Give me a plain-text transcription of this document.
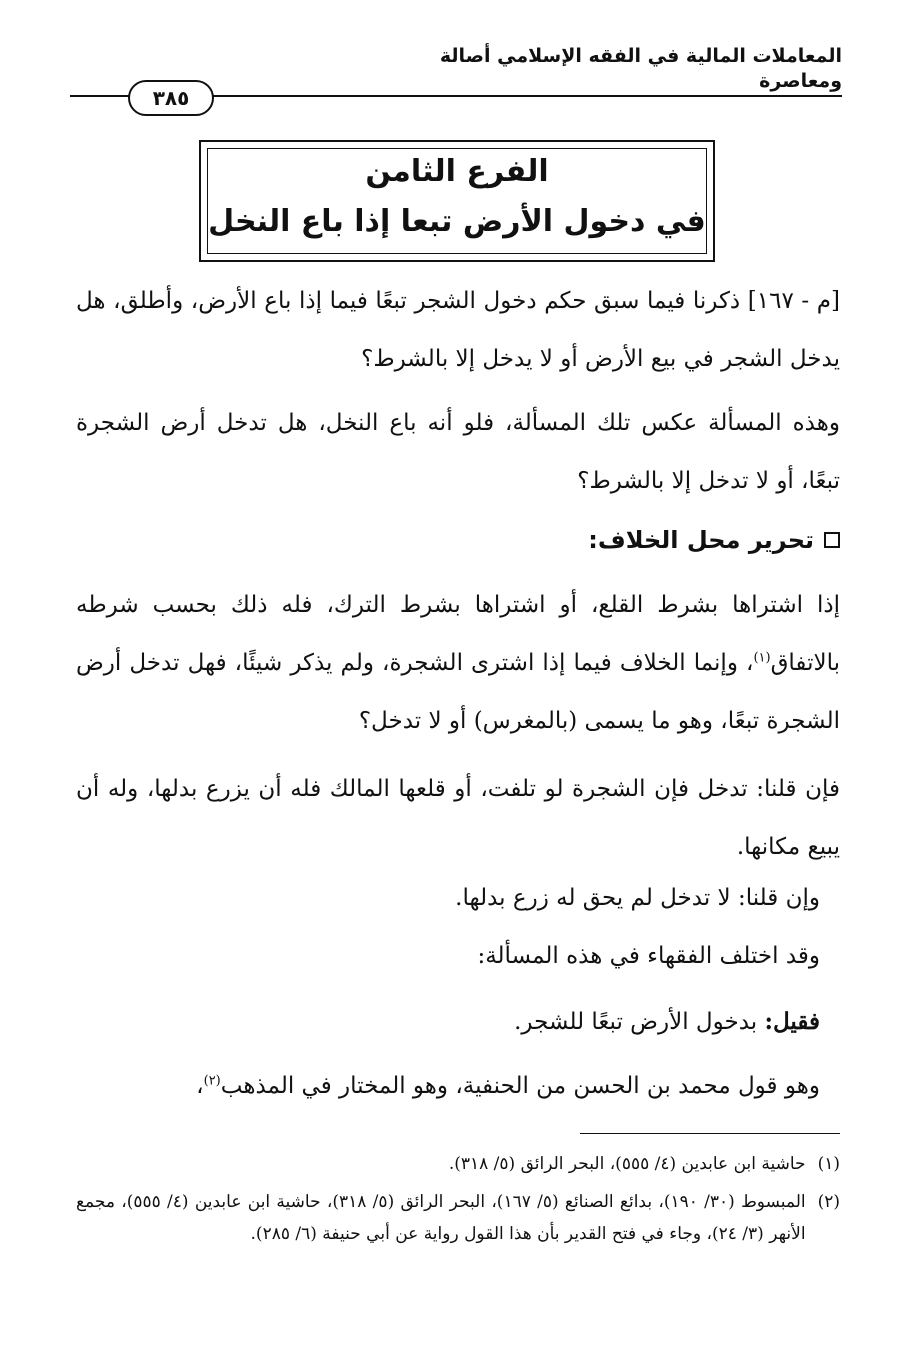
المعاملات المالية في الفقه الإسلامي أصالة ومعاصرة
٣٨٥
الفرع الثامن
في دخول الأرض تبعا إذا باع النخل
[م - ١٦٧] ذكرنا فيما سبق حكم دخول الشجر تبعًا فيما إذا باع الأرض، وأطلق، هل يدخل الشجر في بيع الأرض أو لا يدخل إلا بالشرط؟
وهذه المسألة عكس تلك المسألة، فلو أنه باع النخل، هل تدخل أرض الشجرة تبعًا، أو لا تدخل إلا بالشرط؟
تحرير محل الخلاف:
إذا اشتراها بشرط القلع، أو اشتراها بشرط الترك، فله ذلك بحسب شرطه بالاتفاق$^{(١)}$، وإنما الخلاف فيما إذا اشترى الشجرة، ولم يذكر شيئًا، فهل تدخل أرض الشجرة تبعًا، وهو ما يسمى (بالمغرس) أو لا تدخل؟
فإن قلنا: تدخل فإن الشجرة لو تلفت، أو قلعها المالك فله أن يزرع بدلها، وله أن يبيع مكانها.
وإن قلنا: لا تدخل لم يحق له زرع بدلها.
وقد اختلف الفقهاء في هذه المسألة:
فقيل: بدخول الأرض تبعًا للشجر.
وهو قول محمد بن الحسن من الحنفية، وهو المختار في المذهب$^{(٢)}$،
(١)
حاشية ابن عابدين (٤/ ٥٥٥)، البحر الرائق (٥/ ٣١٨).
(٢)
المبسوط (٣٠/ ١٩٠)، بدائع الصنائع (٥/ ١٦٧)، البحر الرائق (٥/ ٣١٨)، حاشية ابن عابدين (٤/ ٥٥٥)، مجمع الأنهر (٣/ ٢٤)، وجاء في فتح القدير بأن هذا القول رواية عن أبي حنيفة (٦/ ٢٨٥).
